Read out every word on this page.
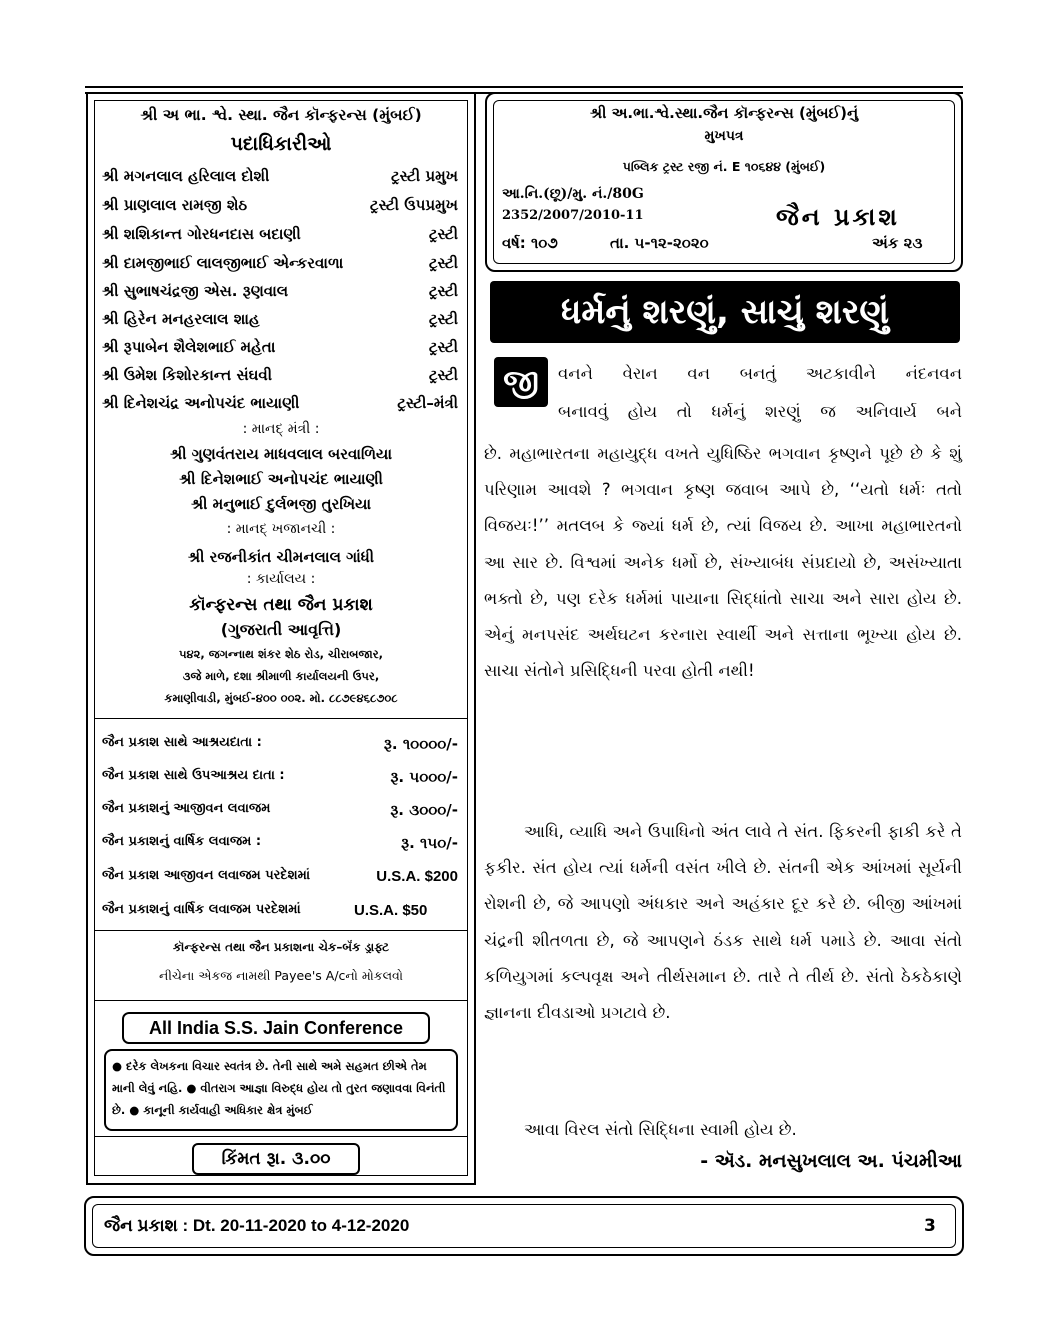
શ્રી અ ભા. શ્વે. સ્થા. જૈન કૉન્ફરન્સ (મુંબઈ)
પદાધિકારીઓ
શ્રી મગનલાલ હરિલાલ દોશી	ટ્રસ્ટી પ્રમુખ
શ્રી પ્રાણલાલ રામજી શેઠ	ટ્રસ્ટી ઉપપ્રમુખ
શ્રી શશિકાન્ત ગોરધનદાસ બદાણી	ટ્રસ્ટી
શ્રી દામજીભાઈ લાલજીભાઈ એન્કરવાળા	ટ્રસ્ટી
શ્રી સુભાષચંદ્રજી એસ. રૂણવાલ	ટ્રસ્ટી
શ્રી હિરેન મનહરલાલ શાહ	ટ્રસ્ટી
શ્રી રૂપાબેન શૈલેશભાઈ મહેતા	ટ્રસ્ટી
શ્રી ઉમેશ કિશોરકાન્ત સંઘવી	ટ્રસ્ટી
શ્રી દિનેશચંદ્ર અનોપચંદ ભાયાણી	ટ્રસ્ટી–મંત્રી
: માનદ્ મંત્રી :
શ્રી ગુણવંતરાય માધવલાલ બરવાળિયા
શ્રી દિનેશભાઈ અનોપચંદ ભાયાણી
શ્રી મનુભાઈ દુર્લભજી તુરખિયા
: માનદ્ ખજાનચી :
શ્રી રજનીકાંત ચીમનલાલ ગાંધી
: કાર્યાલય :
કૉન્ફરન્સ તથા જૈન પ્રકાશ
(ગુજરાતી આવૃત્તિ)
૫૪૨, જગન્નાથ શંકર શેઠ રોડ, ચીરાબજાર,
૩જે માળે, દશા શ્રીમાળી કાર્યાલયની ઉપર,
કમાણીવાડી, મુંબઈ-૪૦૦ ૦૦૨. મો. ૮૮૭૯૪૬૮૭૦૮
જૈન પ્રકાશ સાથે આશ્રયદાતા :	રૂ. ૧૦૦૦૦/-
જૈન પ્રકાશ સાથે ઉપઆશ્રય દાતા :	રૂ. ૫૦૦૦/-
જૈન પ્રકાશનું આજીવન લવાજમ	રૂ. ૩૦૦૦/-
જૈન પ્રકાશનું વાર્ષિક લવાજમ :	રૂ. ૧૫૦/-
જૈન પ્રકાશ આજીવન લવાજમ પરદેશમાં	U.S.A. $200
જૈન પ્રકાશનું વાર્ષિક લવાજમ પરદેશમાં	U.S.A. $50
કૉન્ફરન્સ તથા જૈન પ્રકાશના ચેક–બૅંક ડ્રાફ્ટ
નીચેના એકજ નામથી Payee's A/cનો મોકલવો
All India S.S. Jain Conference
● દરેક લેખકના વિચાર સ્વતંત્ર છે. તેની સાથે અમે સહમત છીએ તેમ માની લેવું નહિ. ● વીતરાગ આજ્ઞા વિરુદ્ધ હોય તો તુરત જણાવવા વિનંતી છે. ● કાનૂની કાર્યવાહી અધિકાર ક્ષેત્ર મુંબઈ
કિંમત રૂા. ૩.૦૦
શ્રી અ.ભા.શ્વે.સ્થા.જૈન કૉન્ફરન્સ (મુંબઈ)નું
મુખપત્ર
પબ્લિક ટ્રસ્ટ રજી નં. E ૧૦૬૪૪ (મુંબઈ)
આ.નિ.(છૂ)/મુ. નં./80G
2352/2007/2010-11	જૈન પ્રકાશ
વર્ષ: ૧૦૭	તા. ૫-૧૨-૨૦૨૦	અંક ૨૩
ધર્મનું શરણું, સાચું શરણું
જી	વનને વેરાન વન બનતું અટકાવીને નંદનવન
બનાવવું હોય તો ધર્મનું શરણું જ અનિવાર્ય બને

છે. મહાભારતના મહાયુદ્ધ વખતે યુધિષ્ઠિર ભગવાન કૃષ્ણને પૂછે છે કે શું પરિણામ આવશે ? ભગવાન કૃષ્ણ જવાબ આપે છે, ‘‘યતો ધર્મઃ તતો વિજયઃ!’’ મતલબ કે જ્યાં ધર્મ છે, ત્યાં વિજય છે. આખા મહાભારતનો આ સાર છે. વિશ્વમાં અનેક ધર્મો છે, સંખ્યાબંધ સંપ્રદાયો છે, અસંખ્યાતા ભક્તો છે, પણ દરેક ધર્મમાં પાયાના સિદ્ધાંતો સાચા અને સારા હોય છે. એનું મનપસંદ અર્થઘટન કરનારા સ્વાર્થી અને સત્તાના ભૂખ્યા હોય છે. સાચા સંતોને પ્રસિદ્ધિની પરવા હોતી નથી!

આધિ, વ્યાધિ અને ઉપાધિનો અંત લાવે તે સંત. ફિકરની ફાકી કરે તે ફકીર. સંત હોય ત્યાં ધર્મની વસંત ખીલે છે. સંતની એક આંખમાં સૂર્યની રોશની છે, જે આપણો અંધકાર અને અહંકાર દૂર કરે છે. બીજી આંખમાં ચંદ્રની શીતળતા છે, જે આપણને ઠંડક સાથે ધર્મ પમાડે છે. આવા સંતો કળિયુગમાં કલ્પવૃક્ષ અને તીર્થસમાન છે. તારે તે તીર્થ છે. સંતો ઠેકઠેકાણે જ્ઞાનના દીવડાઓ પ્રગટાવે છે.

આવા વિરલ સંતો સિદ્ધિના સ્વામી હોય છે.

- ઍડ. મનસુખલાલ અ. પંચમીઆ
જૈન પ્રકાશ : Dt. 20-11-2020 to 4-12-2020	3
